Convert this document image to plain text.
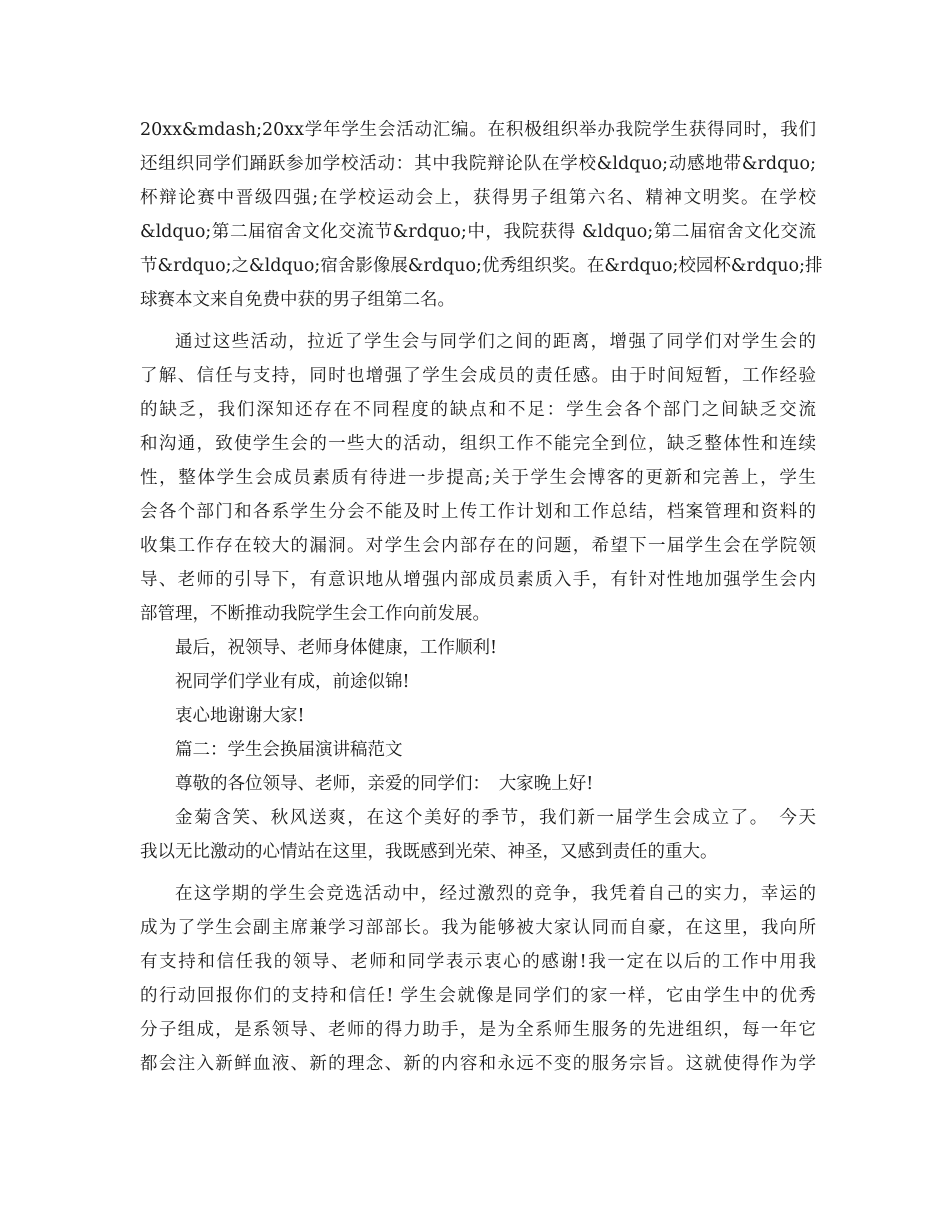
20xx&mdash;20xx学年学生会活动汇编。在积极组织举办我院学生获得同时，我们
还组织同学们踊跃参加学校活动：其中我院辩论队在学校&ldquo;动感地带&rdquo;
杯辩论赛中晋级四强;在学校运动会上，获得男子组第六名、精神文明奖。在学校
&ldquo;第二届宿舍文化交流节&rdquo;中，我院获得 &ldquo;第二届宿舍文化交流
节&rdquo;之&ldquo;宿舍影像展&rdquo;优秀组织奖。在&rdquo;校园杯&rdquo;排
球赛本文来自免费中获的男子组第二名。
通过这些活动，拉近了学生会与同学们之间的距离，增强了同学们对学生会的
了解、信任与支持，同时也增强了学生会成员的责任感。由于时间短暂，工作经验
的缺乏，我们深知还存在不同程度的缺点和不足：学生会各个部门之间缺乏交流
和沟通，致使学生会的一些大的活动，组织工作不能完全到位，缺乏整体性和连续
性，整体学生会成员素质有待进一步提高;关于学生会博客的更新和完善上，学生
会各个部门和各系学生分会不能及时上传工作计划和工作总结，档案管理和资料的
收集工作存在较大的漏洞。对学生会内部存在的问题，希望下一届学生会在学院领
导、老师的引导下，有意识地从增强内部成员素质入手，有针对性地加强学生会内
部管理，不断推动我院学生会工作向前发展。
最后，祝领导、老师身体健康，工作顺利!
祝同学们学业有成，前途似锦!
衷心地谢谢大家!
篇二：学生会换届演讲稿范文
尊敬的各位领导、老师，亲爱的同学们：　大家晚上好!
金菊含笑、秋风送爽，在这个美好的季节，我们新一届学生会成立了。　今天
我以无比激动的心情站在这里，我既感到光荣、神圣，又感到责任的重大。
在这学期的学生会竞选活动中，经过激烈的竞争，我凭着自己的实力，幸运的
成为了学生会副主席兼学习部部长。我为能够被大家认同而自豪，在这里，我向所
有支持和信任我的领导、老师和同学表示衷心的感谢!我一定在以后的工作中用我
的行动回报你们的支持和信任! 学生会就像是同学们的家一样，它由学生中的优秀
分子组成，是系领导、老师的得力助手，是为全系师生服务的先进组织，每一年它
都会注入新鲜血液、新的理念、新的内容和永远不变的服务宗旨。这就使得作为学
